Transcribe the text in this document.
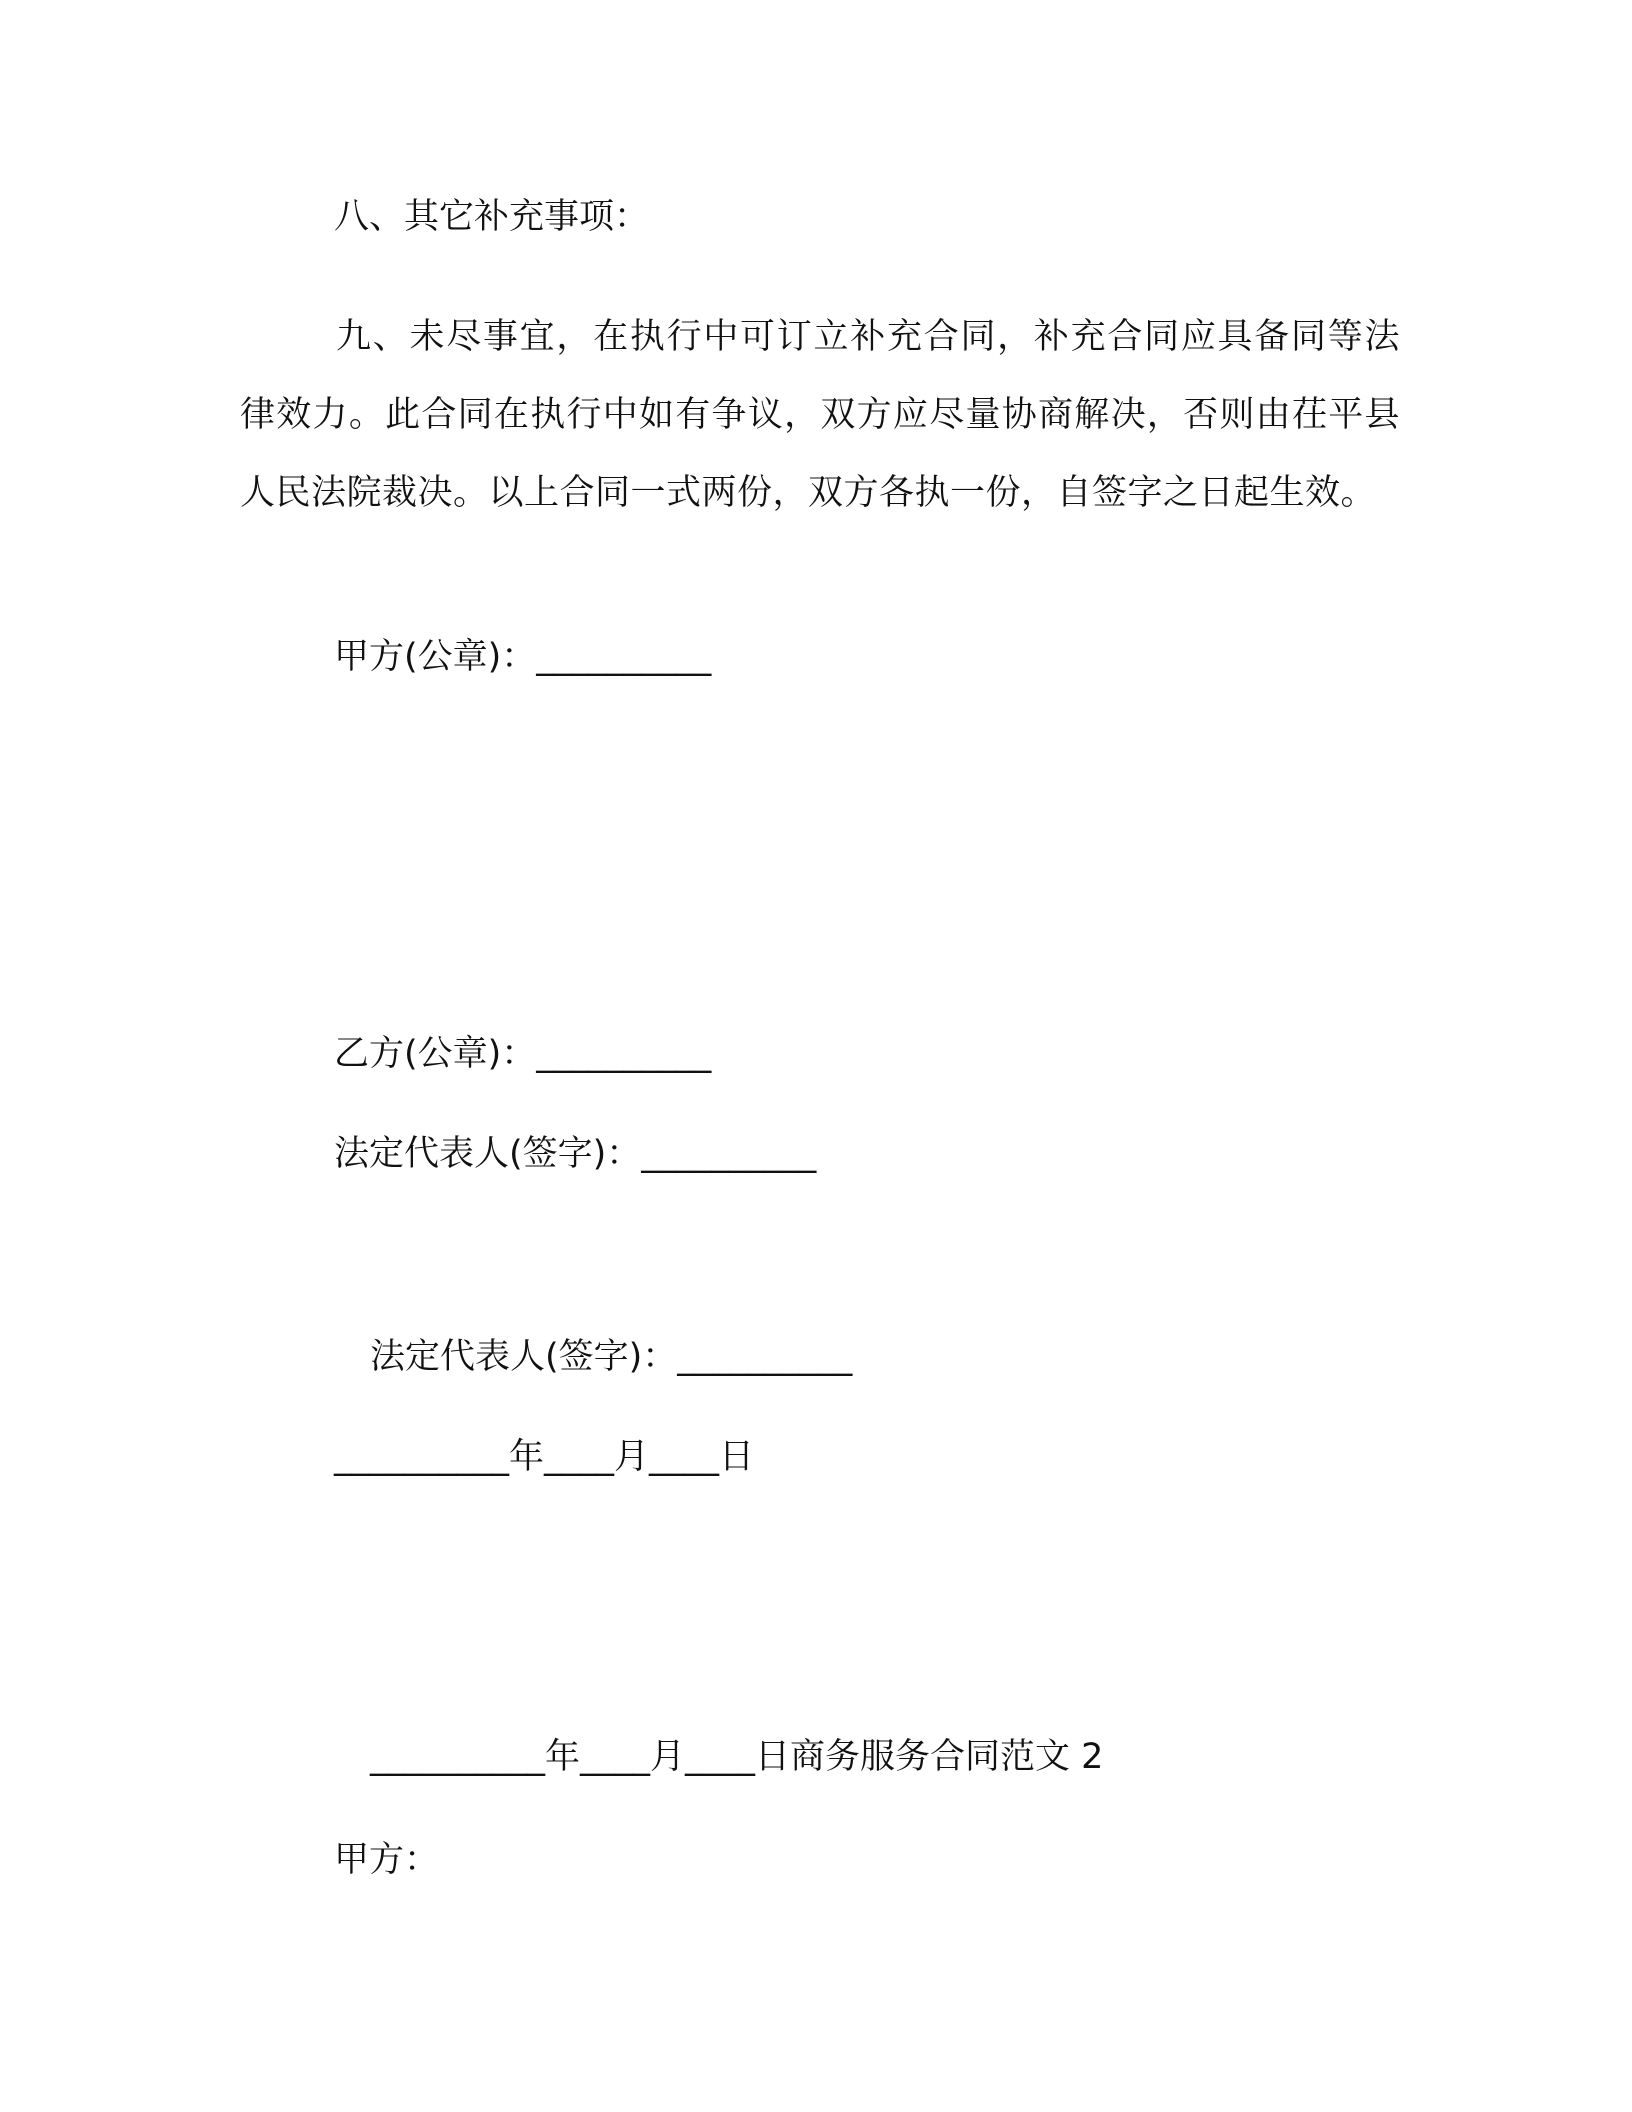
八、其它补充事项：
九、未尽事宜，在执行中可订立补充合同，补充合同应具备同等法律效力。此合同在执行中如有争议，双方应尽量协商解决，否则由茌平县人民法院裁决。以上合同一式两份，双方各执一份，自签字之日起生效。
甲方(公章)：__________
乙方(公章)：__________
法定代表人(签字)：__________
法定代表人(签字)：__________
__________年____月____日
__________年____月____日商务服务合同范文 2
甲方：
